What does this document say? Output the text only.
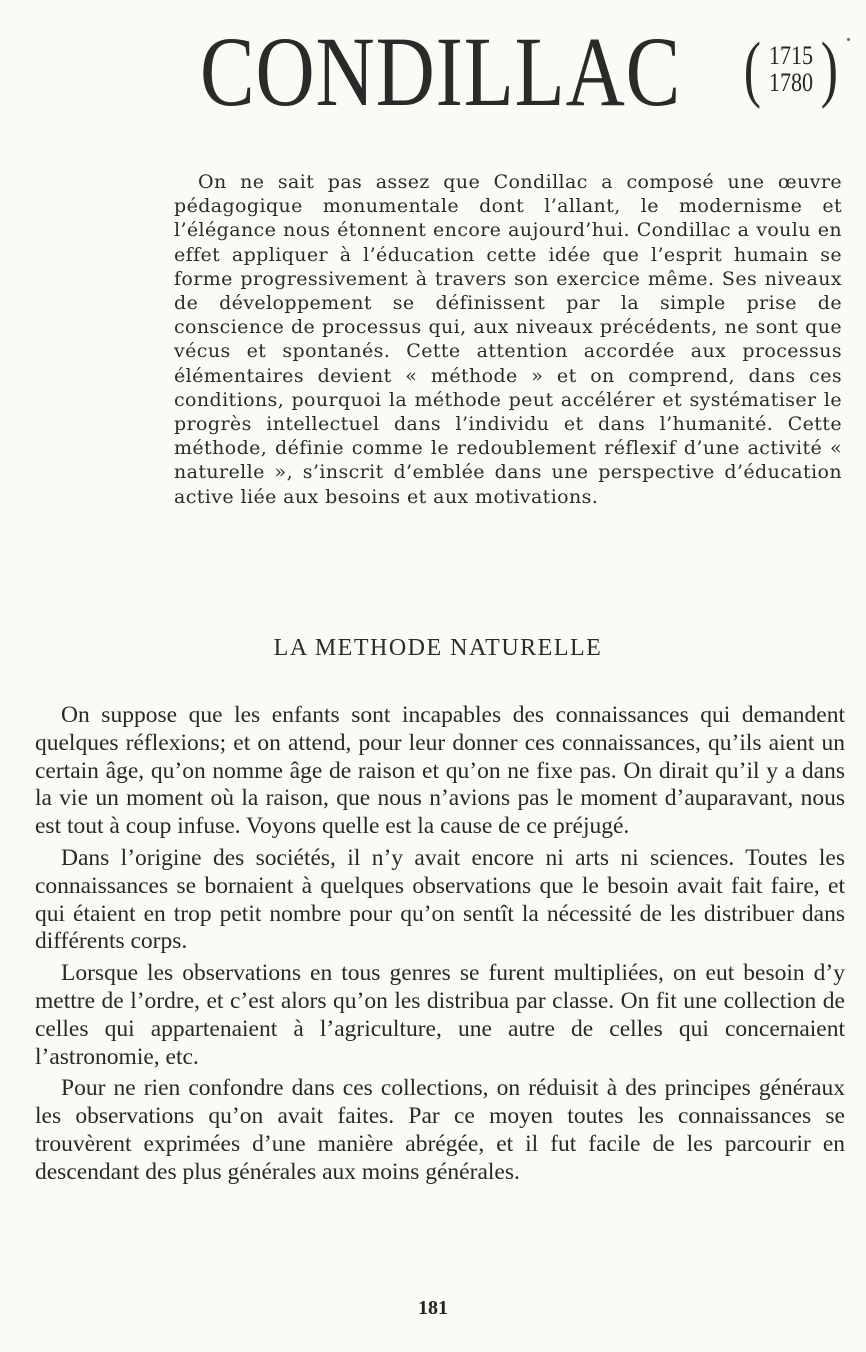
CONDILLAC ( 1715
1780 )
On ne sait pas assez que Condillac a composé une œuvre pédagogique monumentale dont l’allant, le modernisme et l’élégance nous étonnent encore aujourd’hui. Condillac a voulu en effet appliquer à l’éducation cette idée que l’esprit humain se forme progressivement à travers son exercice même. Ses niveaux de développement se définissent par la simple prise de conscience de processus qui, aux niveaux précédents, ne sont que vécus et spontanés. Cette attention accordée aux processus élémentaires devient « méthode » et on comprend, dans ces conditions, pourquoi la méthode peut accélérer et systématiser le progrès intellectuel dans l’individu et dans l’humanité. Cette méthode, définie comme le redoublement réflexif d’une activité « naturelle », s’inscrit d’emblée dans une perspective d’éducation active liée aux besoins et aux motivations.
LA METHODE NATURELLE

On suppose que les enfants sont incapables des connaissances qui demandent quelques réflexions; et on attend, pour leur donner ces connaissances, qu’ils aient un certain âge, qu’on nomme âge de raison et qu’on ne fixe pas. On dirait qu’il y a dans la vie un moment où la raison, que nous n’avions pas le moment d’auparavant, nous est tout à coup infuse. Voyons quelle est la cause de ce préjugé.

Dans l’origine des sociétés, il n’y avait encore ni arts ni sciences. Toutes les connaissances se bornaient à quelques observations que le besoin avait fait faire, et qui étaient en trop petit nombre pour qu’on sentît la nécessité de les distribuer dans différents corps.

Lorsque les observations en tous genres se furent multipliées, on eut besoin d’y mettre de l’ordre, et c’est alors qu’on les distribua par classe. On fit une collection de celles qui appartenaient à l’agriculture, une autre de celles qui concernaient l’astronomie, etc.

Pour ne rien confondre dans ces collections, on réduisit à des principes généraux les observations qu’on avait faites. Par ce moyen toutes les connaissances se trouvèrent exprimées d’une manière abrégée, et il fut facile de les parcourir en descendant des plus générales aux moins générales.

181
